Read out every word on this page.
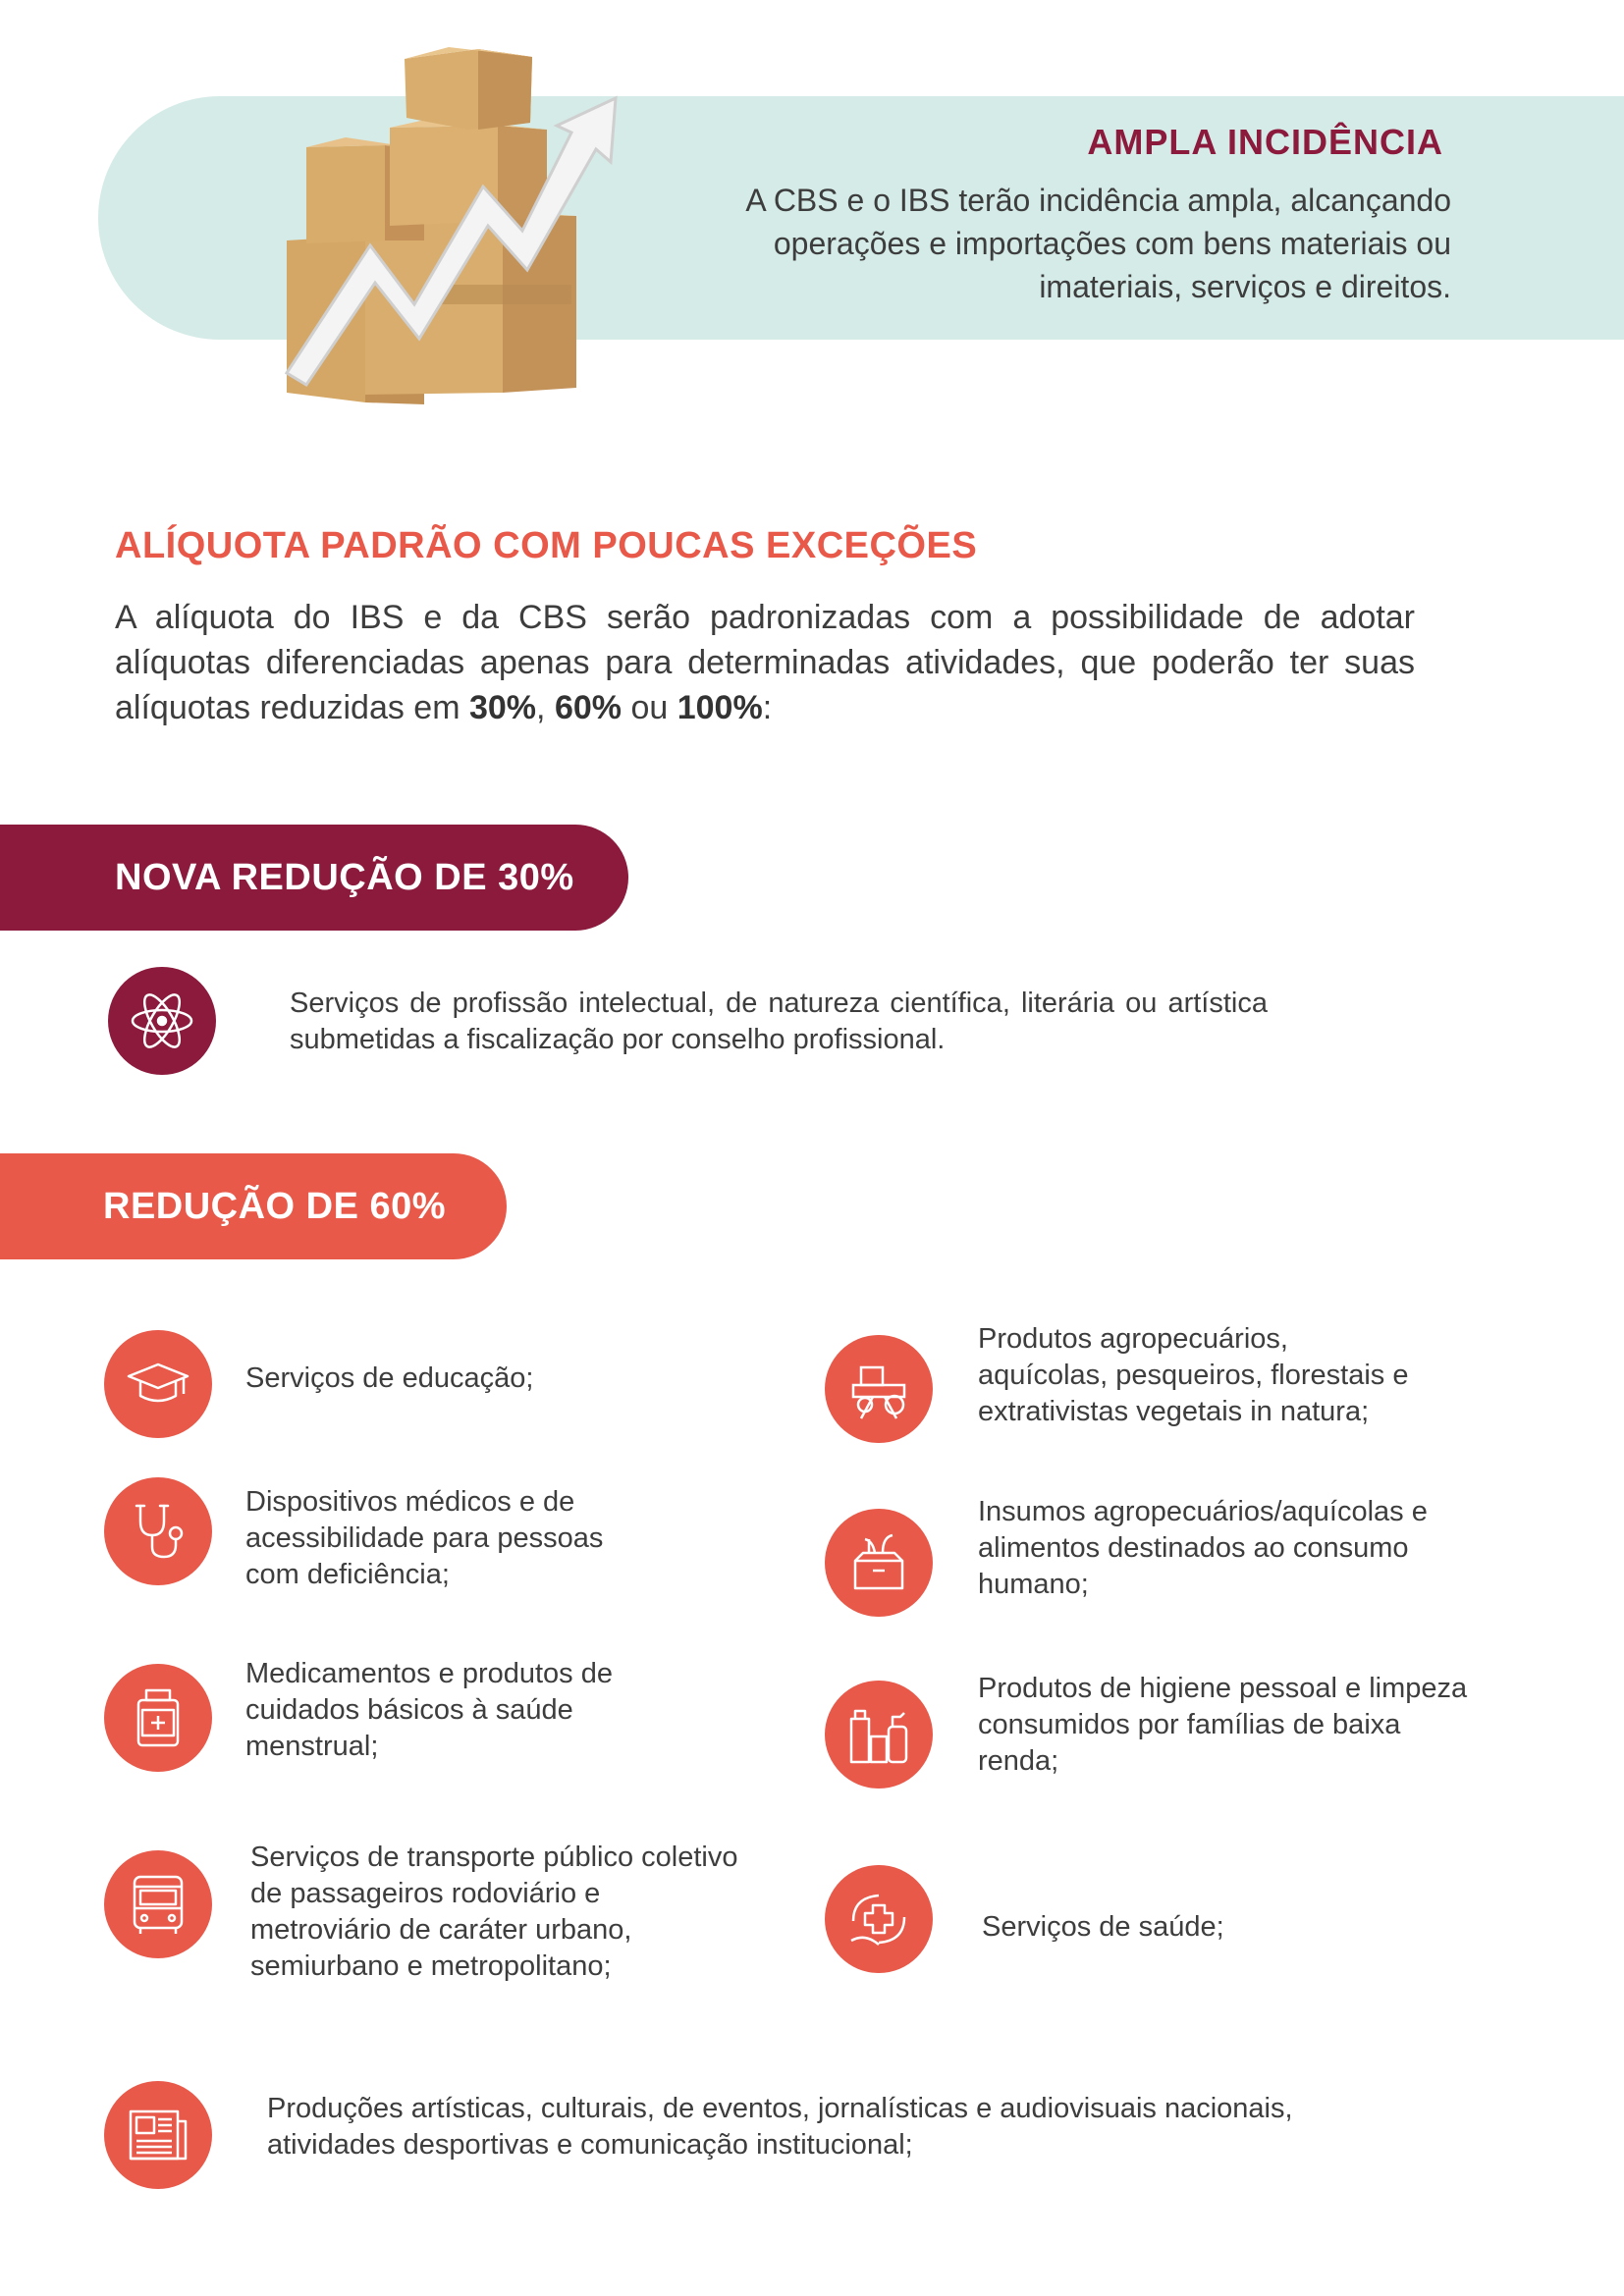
AMPLA INCIDÊNCIA
A CBS e o IBS terão incidência ampla, alcançando operações e importações com bens materiais ou imateriais, serviços e direitos.
ALÍQUOTA PADRÃO COM POUCAS EXCEÇÕES
A alíquota do IBS e da CBS serão padronizadas com a possibilidade de adotar alíquotas diferenciadas apenas para determinadas atividades, que poderão ter suas alíquotas reduzidas em 30%, 60% ou 100%:
NOVA REDUÇÃO DE 30%
Serviços de profissão intelectual, de natureza científica, literária ou artística submetidas a fiscalização por conselho profissional.
REDUÇÃO DE 60%
Serviços de educação;
Produtos agropecuários, aquícolas, pesqueiros, florestais e extrativistas vegetais in natura;
Dispositivos médicos e de acessibilidade para pessoas com deficiência;
Insumos agropecuários/aquícolas e alimentos destinados ao consumo humano;
Medicamentos e produtos de cuidados básicos à saúde menstrual;
Produtos de higiene pessoal e limpeza consumidos por famílias de baixa renda;
Serviços de transporte público coletivo de passageiros rodoviário e metroviário de caráter urbano, semiurbano e metropolitano;
Serviços de saúde;
Produções artísticas, culturais, de eventos, jornalísticas e audiovisuais nacionais, atividades desportivas e comunicação institucional;
